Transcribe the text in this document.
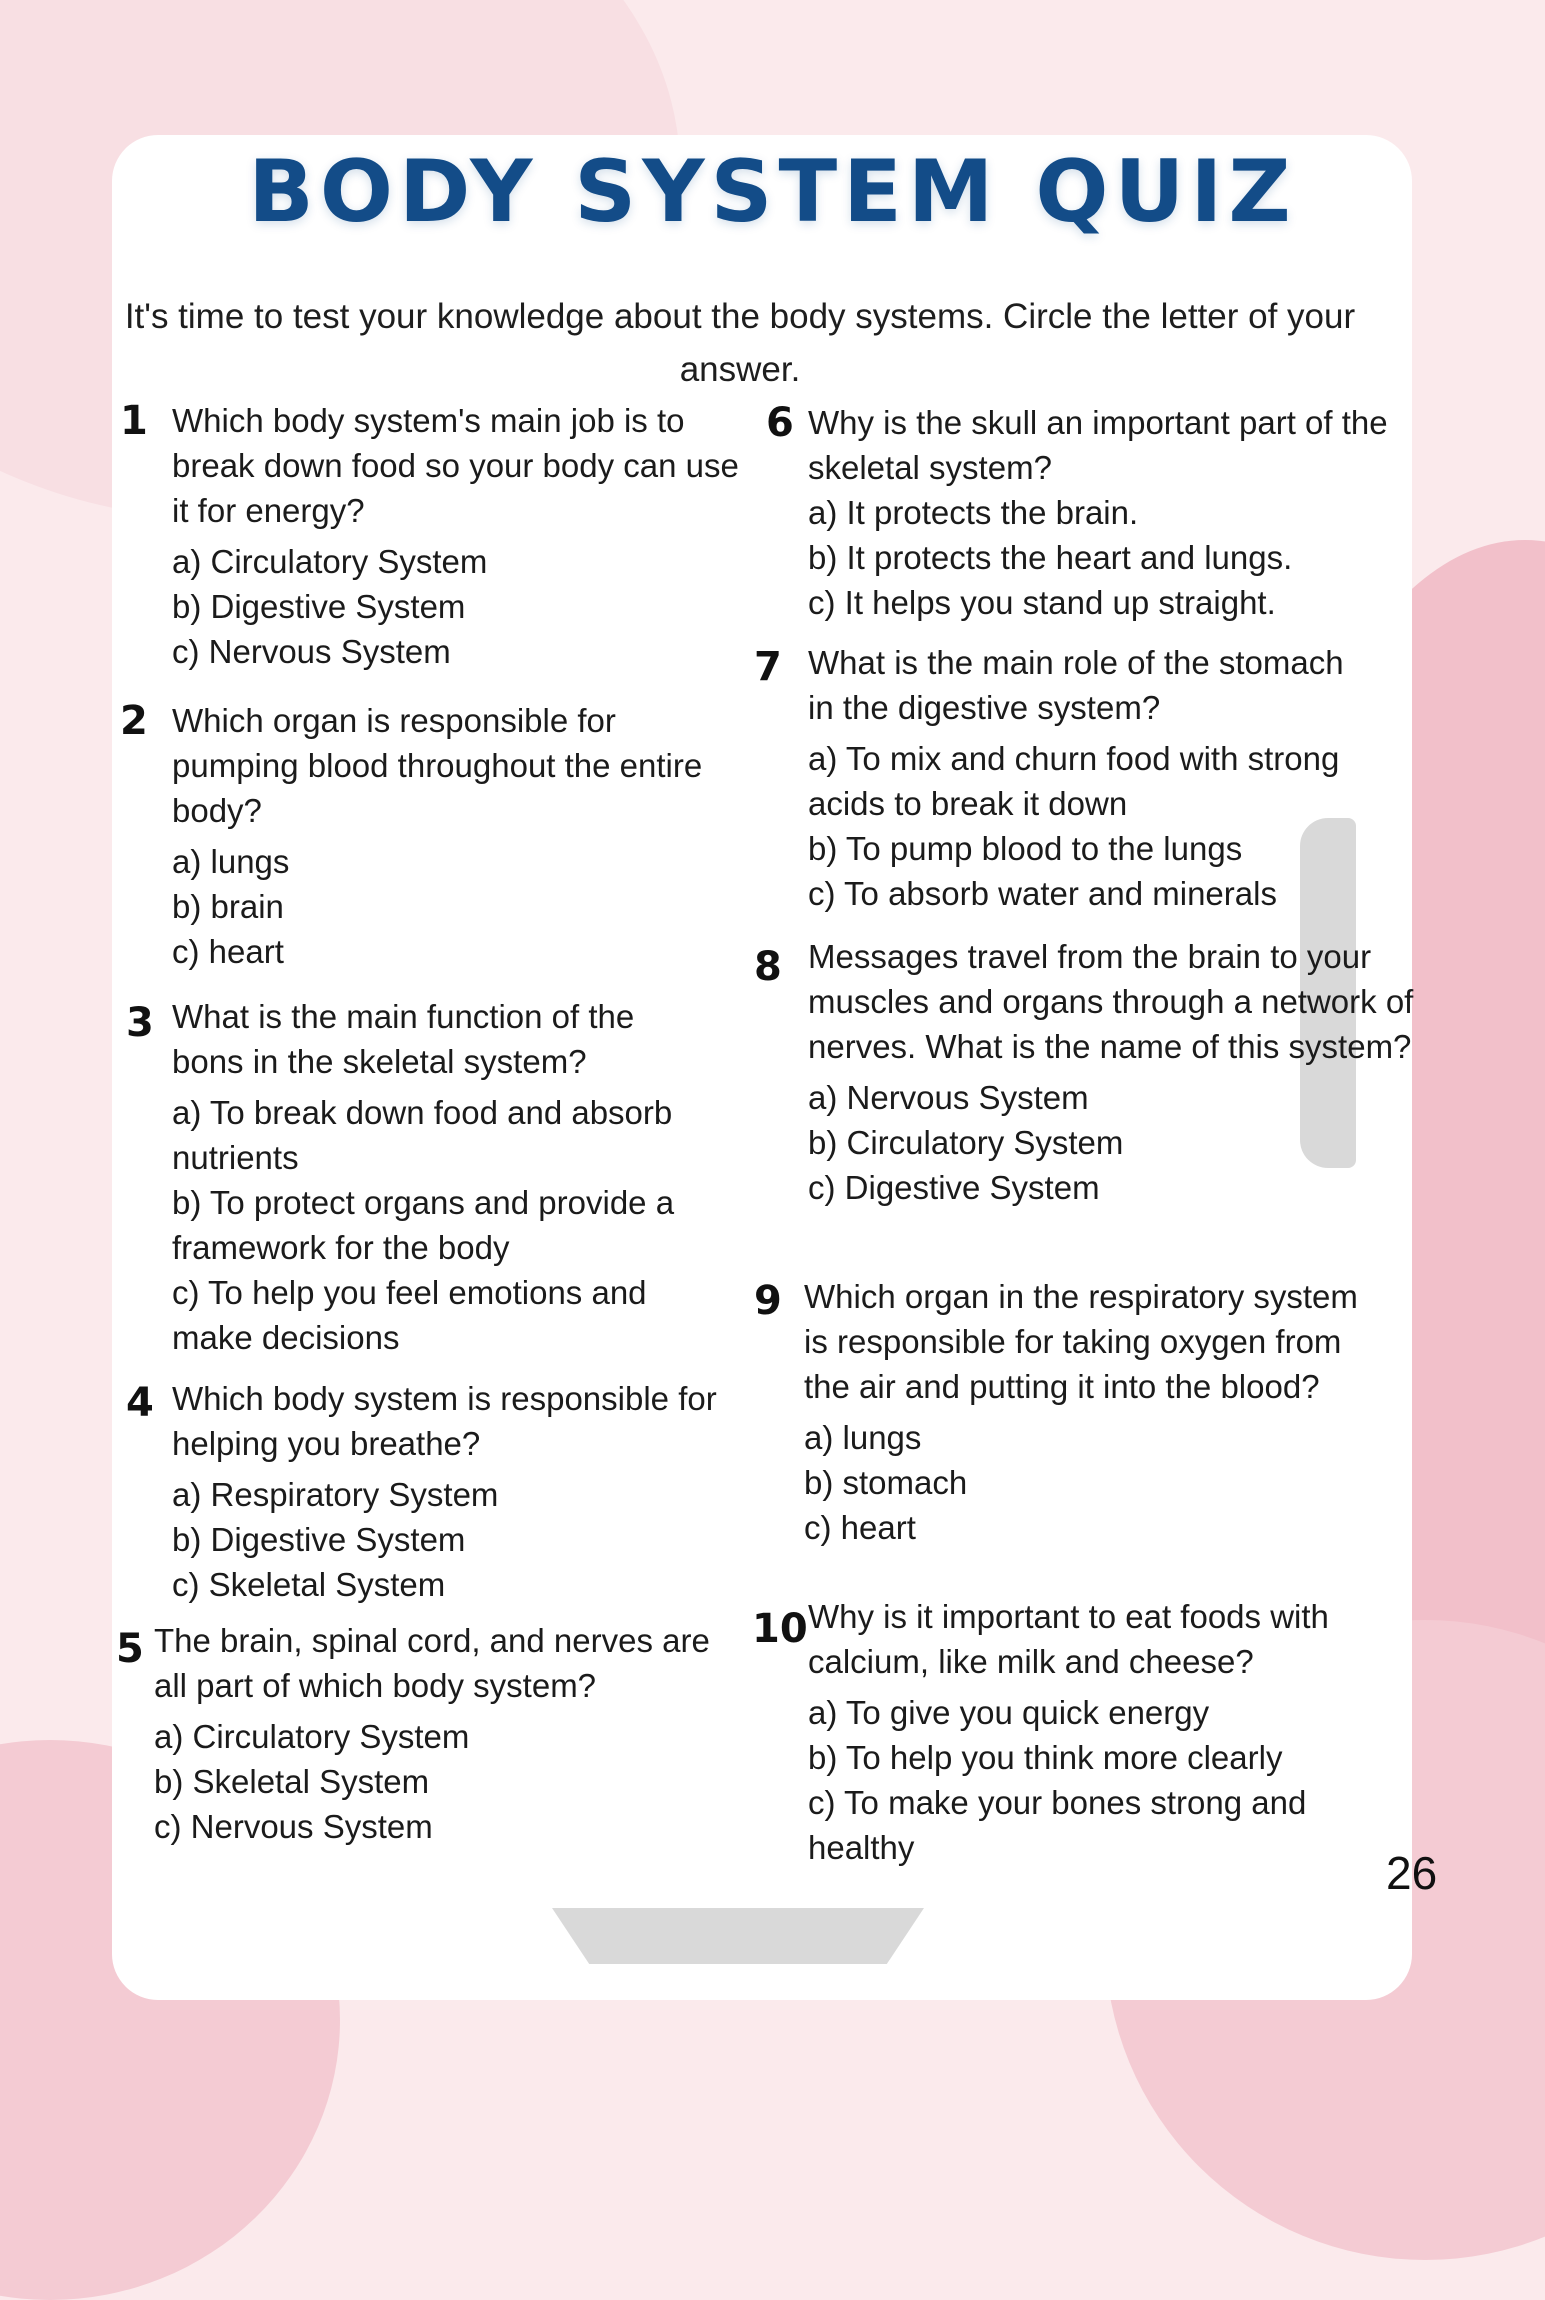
BODY SYSTEM QUIZ

It's time to test your knowledge about the body systems. Circle the letter of your answer.

1 Which body system's main job is to break down food so your body can use it for energy?

a) Circulatory System
b) Digestive System
c) Nervous System
2 Which organ is responsible for pumping blood throughout the entire body?

a) lungs
b) brain
c) heart
3 What is the main function of the bons in the skeletal system?

a) To break down food and absorb nutrients
b) To protect organs and provide a framework for the body
c) To help you feel emotions and make decisions
4 Which body system is responsible for helping you breathe?

a) Respiratory System
b) Digestive System
c) Skeletal System
5 The brain, spinal cord, and nerves are all part of which body system?

a) Circulatory System
b) Skeletal System
c) Nervous System
6 Why is the skull an important part of the skeletal system?

a) It protects the brain.
b) It protects the heart and lungs.
c) It helps you stand up straight.
7 What is the main role of the stomach in the digestive system?

a) To mix and churn food with strong acids to break it down
b) To pump blood to the lungs
c) To absorb water and minerals
8 Messages travel from the brain to your muscles and organs through a network of nerves. What is the name of this system?

a) Nervous System
b) Circulatory System
c) Digestive System
9 Which organ in the respiratory system is responsible for taking oxygen from the air and putting it into the blood?

a) lungs
b) stomach
c) heart
10 Why is it important to eat foods with calcium, like milk and cheese?

a) To give you quick energy
b) To help you think more clearly
c) To make your bones strong and healthy	26
